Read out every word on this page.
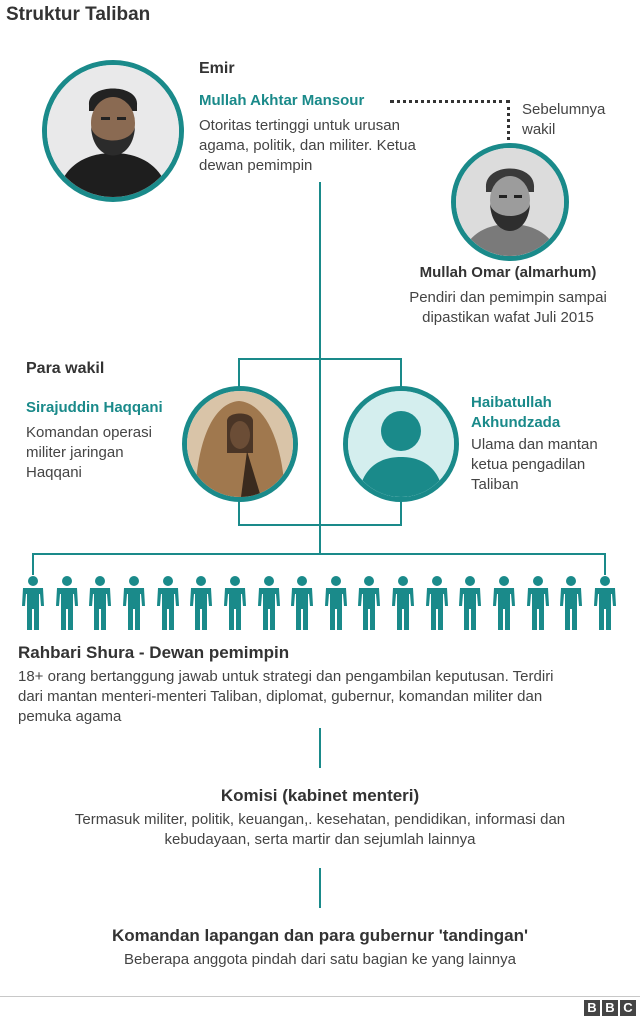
Struktur Taliban
Emir
Mullah Akhtar Mansour
Otoritas tertinggi untuk urusan
agama, politik, dan militer. Ketua
dewan pemimpin
Sebelumnya
wakil
Mullah Omar (almarhum)
Pendiri dan pemimpin sampai
dipastikan wafat Juli 2015
Para wakil
Sirajuddin Haqqani
Komandan operasi
militer jaringan
Haqqani
Haibatullah
Akhundzada
Ulama dan mantan
ketua pengadilan
Taliban
Rahbari Shura - Dewan pemimpin
18+ orang bertanggung jawab untuk strategi dan pengambilan keputusan. Terdiri
dari mantan menteri-menteri Taliban, diplomat, gubernur, komandan militer dan
pemuka agama
Komisi (kabinet menteri)
Termasuk militer, politik, keuangan,. kesehatan, pendidikan, informasi dan
kebudayaan, serta martir dan sejumlah lainnya
Komandan lapangan dan para gubernur 'tandingan'
Beberapa anggota pindah dari satu bagian ke yang lainnya
B B C
